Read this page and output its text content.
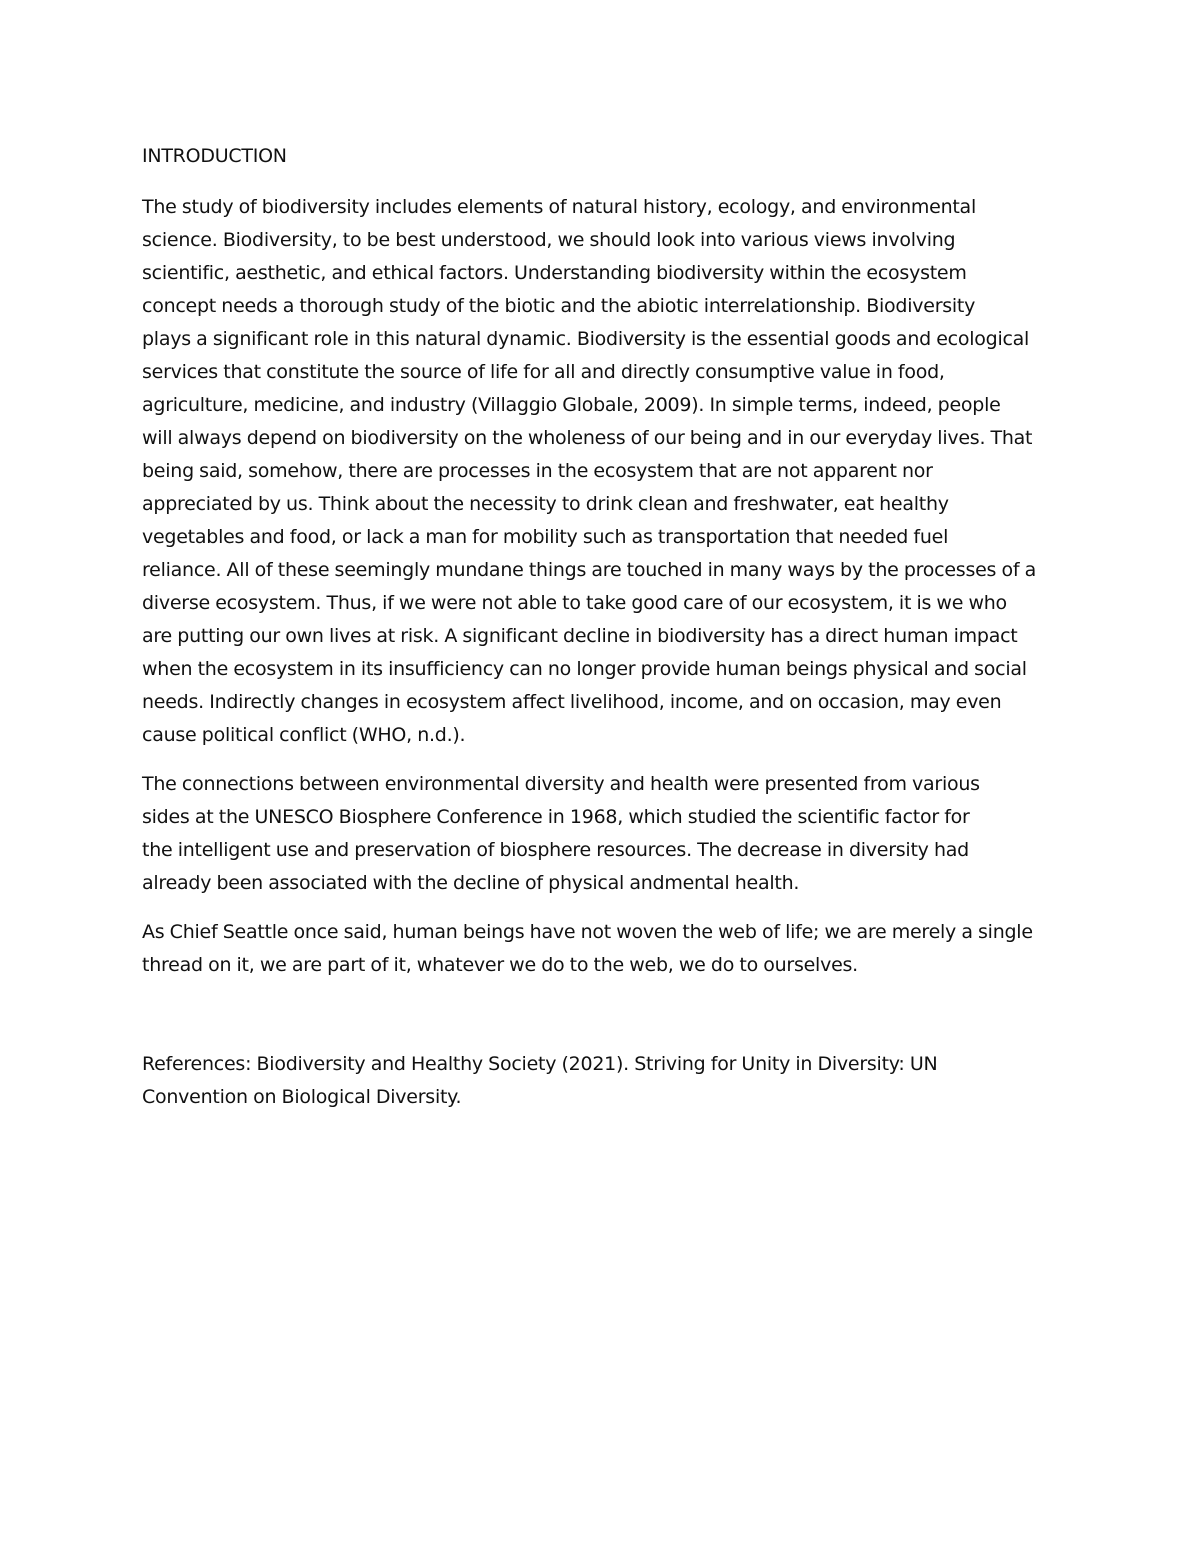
INTRODUCTION

The study of biodiversity includes elements of natural history, ecology, and environmental
science. Biodiversity, to be best understood, we should look into various views involving
scientific, aesthetic, and ethical factors. Understanding biodiversity within the ecosystem
concept needs a thorough study of the biotic and the abiotic interrelationship. Biodiversity
plays a significant role in this natural dynamic. Biodiversity is the essential goods and ecological
services that constitute the source of life for all and directly consumptive value in food,
agriculture, medicine, and industry (Villaggio Globale, 2009). In simple terms, indeed, people
will always depend on biodiversity on the wholeness of our being and in our everyday lives. That
being said, somehow, there are processes in the ecosystem that are not apparent nor
appreciated by us. Think about the necessity to drink clean and freshwater, eat healthy
vegetables and food, or lack a man for mobility such as transportation that needed fuel
reliance. All of these seemingly mundane things are touched in many ways by the processes of a
diverse ecosystem. Thus, if we were not able to take good care of our ecosystem, it is we who
are putting our own lives at risk. A significant decline in biodiversity has a direct human impact
when the ecosystem in its insufficiency can no longer provide human beings physical and social
needs. Indirectly changes in ecosystem affect livelihood, income, and on occasion, may even
cause political conflict (WHO, n.d.).

The connections between environmental diversity and health were presented from various
sides at the UNESCO Biosphere Conference in 1968, which studied the scientific factor for
the intelligent use and preservation of biosphere resources. The decrease in diversity had
already been associated with the decline of physical andmental health.

As Chief Seattle once said, human beings have not woven the web of life; we are merely a single
thread on it, we are part of it, whatever we do to the web, we do to ourselves.

References: Biodiversity and Healthy Society (2021). Striving for Unity in Diversity: UN
Convention on Biological Diversity.
